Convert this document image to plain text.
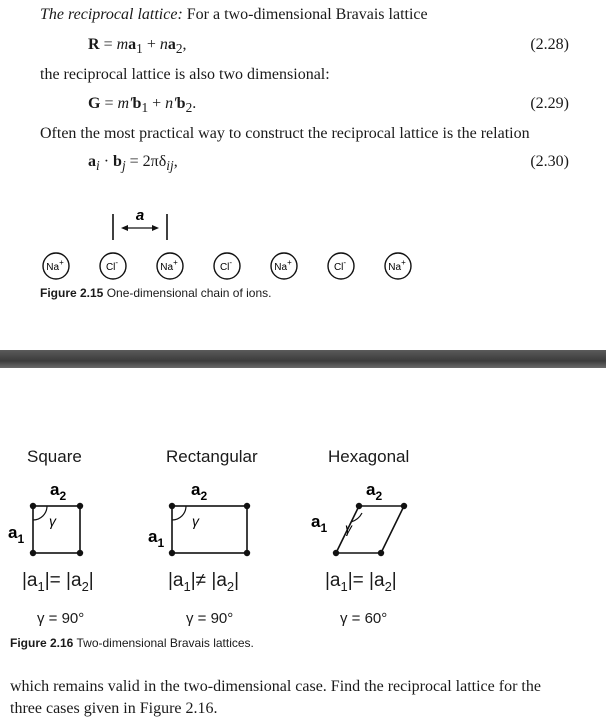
The reciprocal lattice: For a two-dimensional Bravais lattice
$R = ma_1 + na_2$,	(2.28)
the reciprocal lattice is also two dimensional:
$G = m'b_1 + n'b_2$.	(2.29)
Often the most practical way to construct the reciprocal lattice is the relation
$a_i \cdot b_j = 2\pi\delta_{ij}$,	(2.30)
a
Na+	Cl-	Na+	Cl-	Na+	Cl-	Na+
Figure 2.15 One-dimensional chain of ions.
Square	Rectangular	Hexagonal
γ
$a_2$
$a_1$
γ
$a_2$
$a_1$
γ
$a_2$
$a_1$
$|a_1|= |a_2|$	$|a_1|\ne |a_2|$	$|a_1|= |a_2|$
γ = 90°	γ = 90°	γ = 60°
Figure 2.16 Two-dimensional Bravais lattices.
which remains valid in the two-dimensional case. Find the reciprocal lattice for the
three cases given in Figure 2.16.
